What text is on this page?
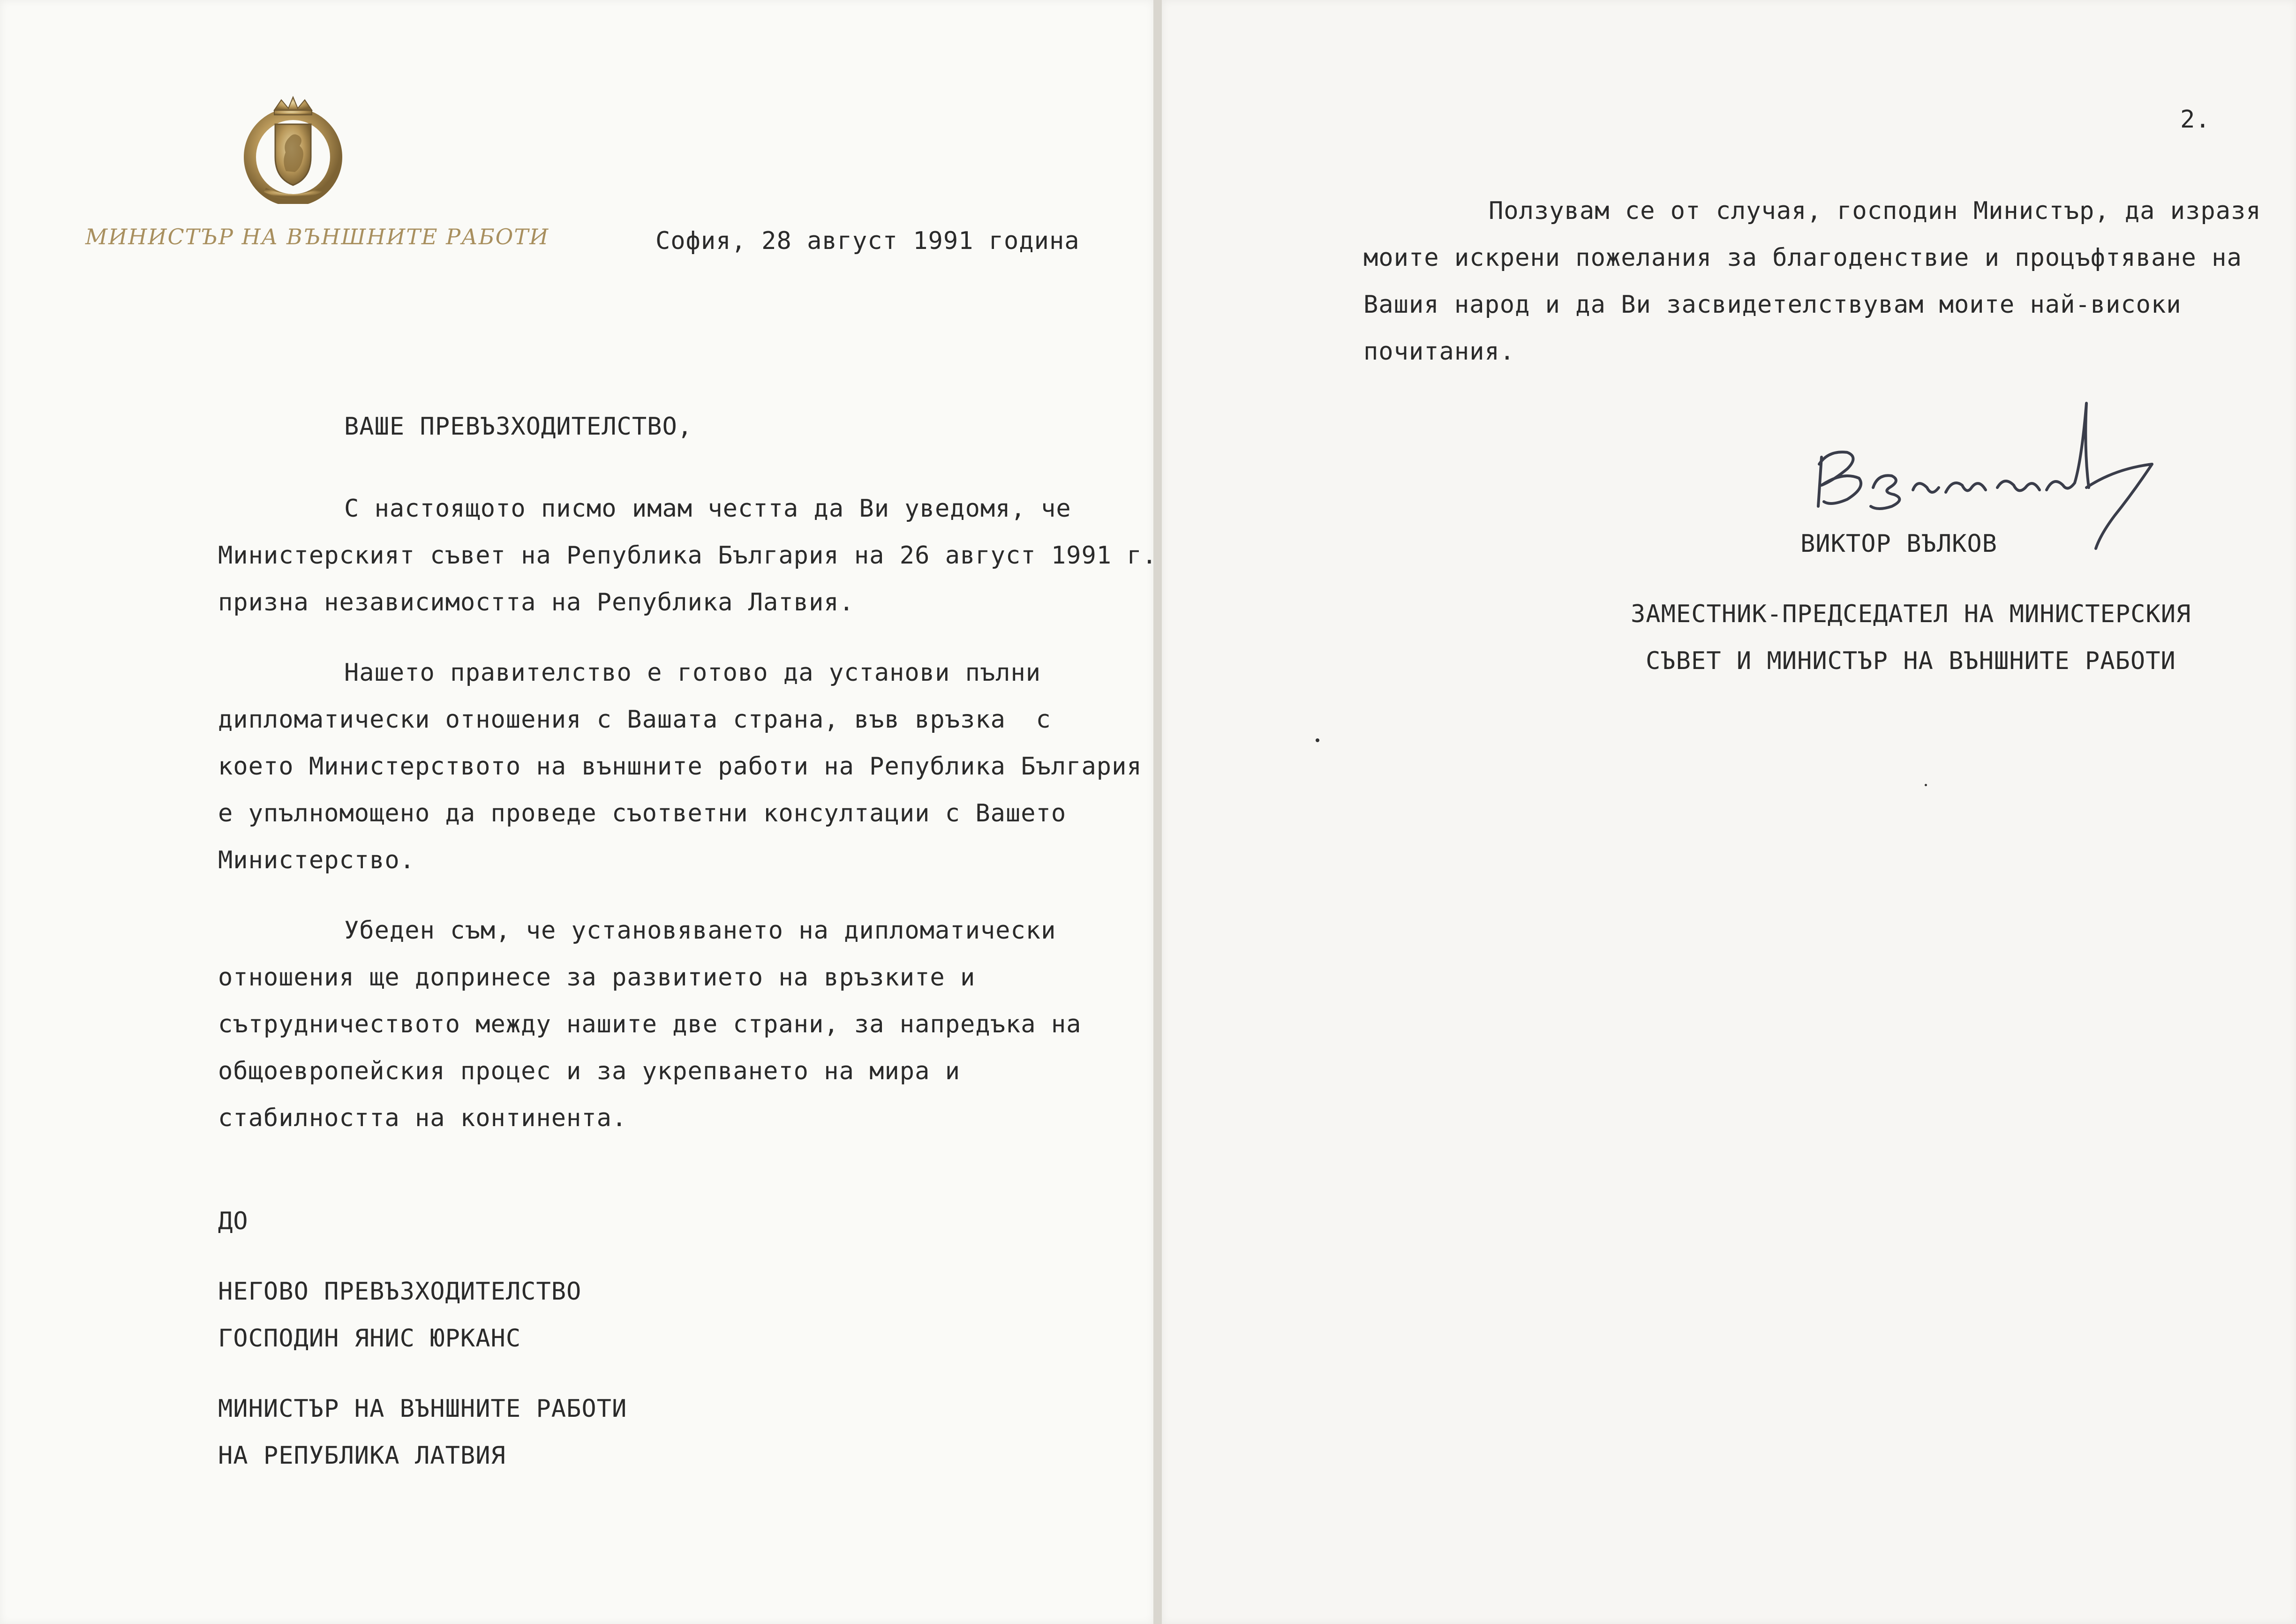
МИНИСТЪР НА ВЪНШНИТЕ РАБОТИ	София, 28 август 1991 година
ВАШЕ ПРЕВЪЗХОДИТЕЛСТВО,
С настоящото писмо имам честта да Ви уведомя, че
Министерският съвет на Република България на 26 август 1991 г.
призна независимостта на Република Латвия.
Нашето правителство е готово да установи пълни
дипломатически отношения с Вашата страна, във връзка  с
което Министерството на външните работи на Република България
е упълномощено да проведе съответни консултации с Вашето
Министерство.
Убеден съм, че установяването на дипломатически
отношения ще допринесе за развитието на връзките и
сътрудничеството между нашите две страни, за напредъка на
общоевропейския процес и за укрепването на мира и
стабилността на континента.
ДО
НЕГОВО ПРЕВЪЗХОДИТЕЛСТВО
ГОСПОДИН ЯНИС ЮРКАНС
МИНИСТЪР НА ВЪНШНИТЕ РАБОТИ
НА РЕПУБЛИКА ЛАТВИЯ
2.
Ползувам се от случая, господин Министър, да изразя
моите искрени пожелания за благоденствие и процъфтяване на
Вашия народ и да Ви засвидетелствувам моите най-високи
почитания.
ВИКТОР ВЪЛКОВ
ЗАМЕСТНИК-ПРЕДСЕДАТЕЛ НА МИНИСТЕРСКИЯ
СЪВЕТ И МИНИСТЪР НА ВЪНШНИТЕ РАБОТИ
